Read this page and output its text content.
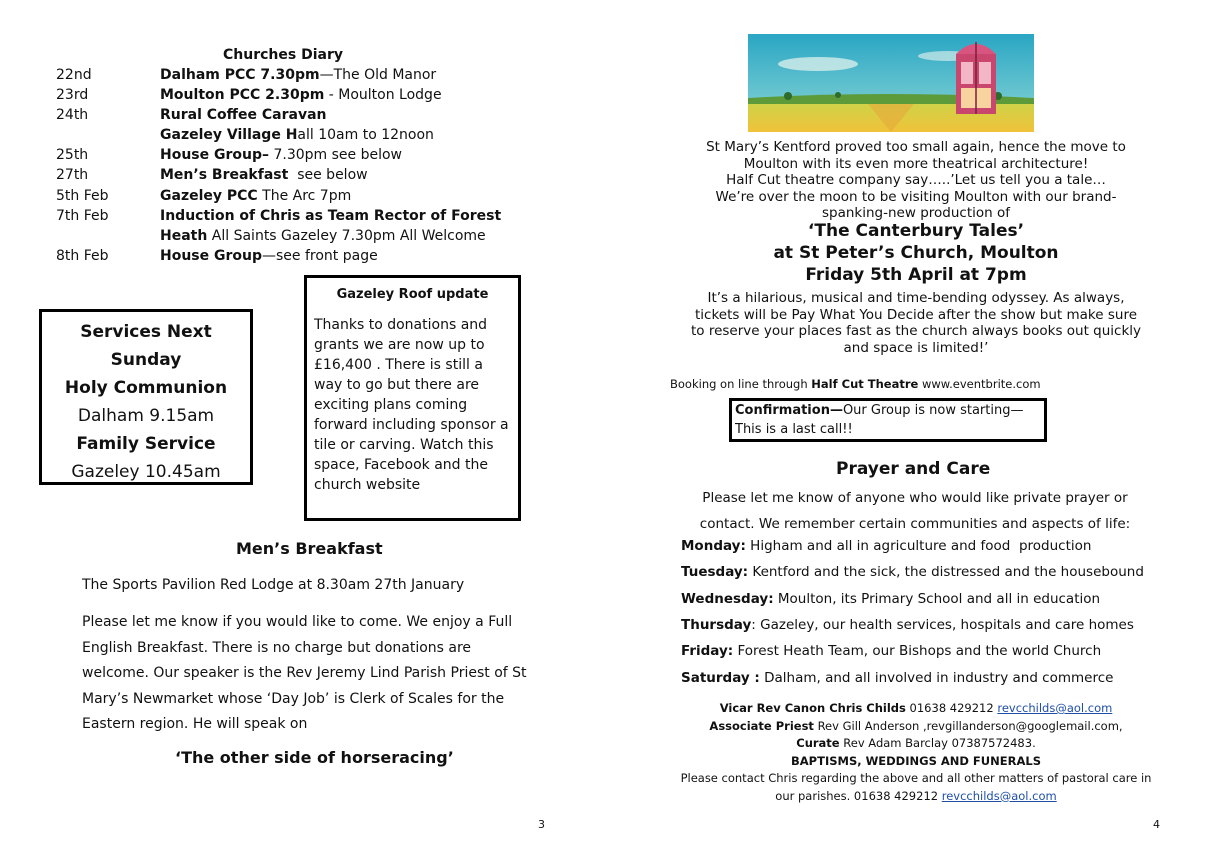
Churches Diary
22nd	Dalham PCC 7.30pm—The Old Manor
23rd	Moulton PCC 2.30pm - Moulton Lodge
24th	Rural Coffee Caravan
Gazeley Village Hall 10am to 12noon
25th	House Group– 7.30pm see below
27th	Men’s Breakfast  see below
5th Feb	Gazeley PCC The Arc 7pm
7th Feb	Induction of Chris as Team Rector of Forest
Heath All Saints Gazeley 7.30pm All Welcome
8th Feb	House Group—see front page
Services Next Sunday
Holy Communion
Dalham 9.15am
Family Service
Gazeley 10.45am
Gazeley Roof update
Thanks to donations and grants we are now up to £16,400 . There is still a way to go but there are exciting plans coming forward including sponsor a tile or carving. Watch this space, Facebook and the church website
Men’s Breakfast
The Sports Pavilion Red Lodge at 8.30am 27th January
Please let me know if you would like to come. We enjoy a Full English Breakfast. There is no charge but donations are welcome. Our speaker is the Rev Jeremy Lind Parish Priest of St Mary’s Newmarket whose ‘Day Job’ is Clerk of Scales for the Eastern region. He will speak on
‘The other side of horseracing’
3	4
St Mary’s Kentford proved too small again, hence the move to
Moulton with its even more theatrical architecture!
Half Cut theatre company say…..’Let us tell you a tale…
We’re over the moon to be visiting Moulton with our brand-
spanking-new production of
‘The Canterbury Tales’
at St Peter’s Church, Moulton
Friday 5th April at 7pm
It’s a hilarious, musical and time-bending odyssey. As always,
tickets will be Pay What You Decide after the show but make sure
to reserve your places fast as the church always books out quickly
and space is limited!’
Booking on line through Half Cut Theatre www.eventbrite.com
Confirmation—Our Group is now starting—
This is a last call!!
Prayer and Care
Please let me know of anyone who would like private prayer or
contact. We remember certain communities and aspects of life:
Monday: Higham and all in agriculture and food  production
Tuesday: Kentford and the sick, the distressed and the housebound
Wednesday: Moulton, its Primary School and all in education
Thursday: Gazeley, our health services, hospitals and care homes
Friday: Forest Heath Team, our Bishops and the world Church
Saturday : Dalham, and all involved in industry and commerce
Vicar Rev Canon Chris Childs 01638 429212 revcchilds@aol.com
Associate Priest Rev Gill Anderson ,revgillanderson@googlemail.com,
Curate Rev Adam Barclay 07387572483.
BAPTISMS, WEDDINGS AND FUNERALS
Please contact Chris regarding the above and all other matters of pastoral care in
our parishes. 01638 429212 revcchilds@aol.com
